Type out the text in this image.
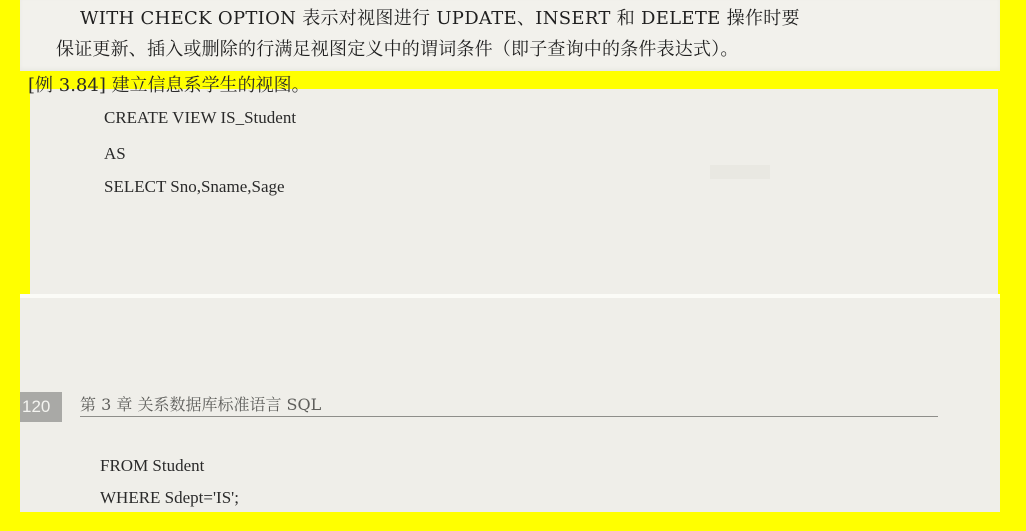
WITH CHECK OPTION 表示对视图进行 UPDATE、INSERT 和 DELETE 操作时要
保证更新、插入或删除的行满足视图定义中的谓词条件（即子查询中的条件表达式）。
[例 3.84] 建立信息系学生的视图。
CREATE VIEW IS_Student
AS
SELECT Sno,Sname,Sage
120	第 3 章 关系数据库标准语言 SQL
FROM Student
WHERE Sdept='IS';
